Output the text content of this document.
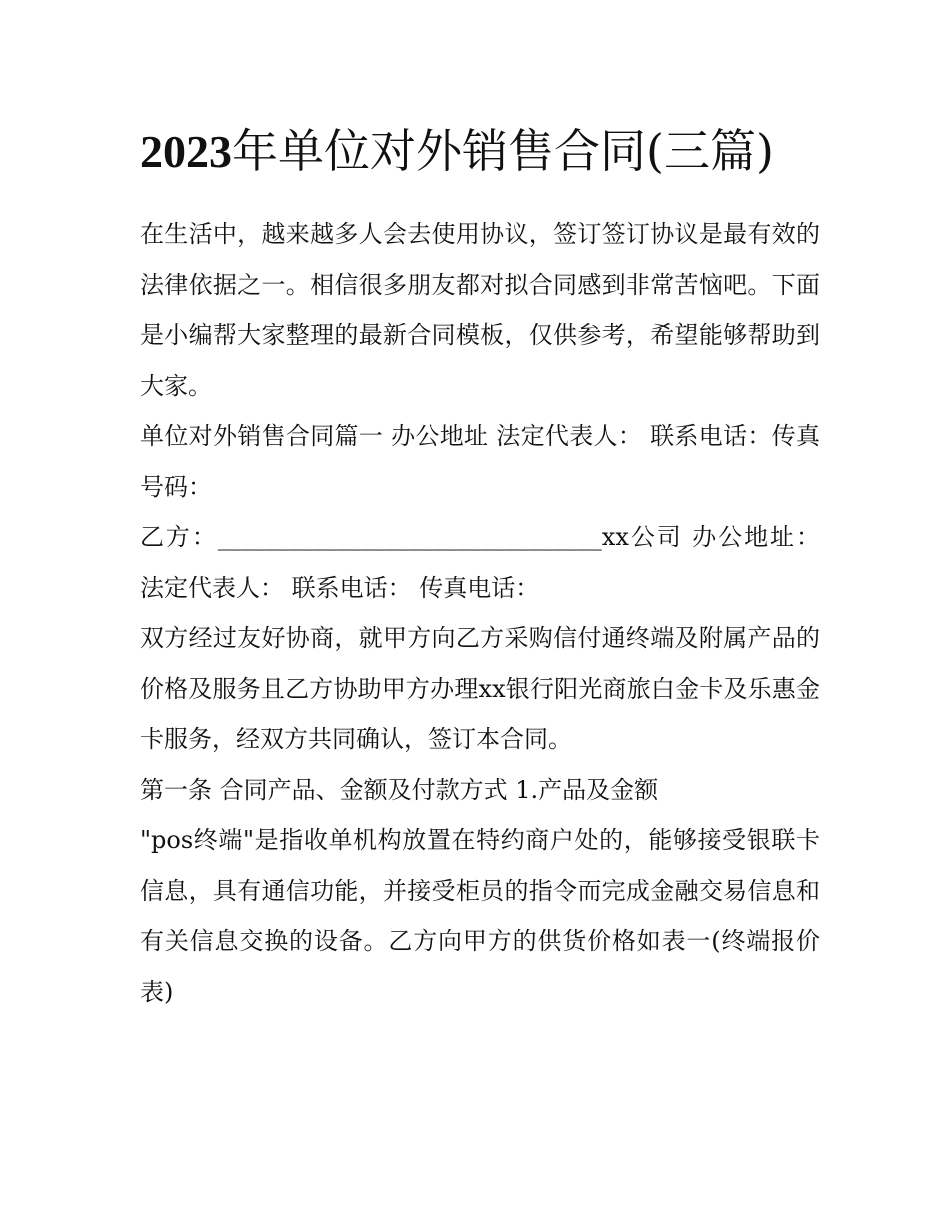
2023年单位对外销售合同(三篇)

在生活中，越来越多人会去使用协议，签订签订协议是最有效的法律依据之一。相信很多朋友都对拟合同感到非常苦恼吧。下面是小编帮大家整理的最新合同模板，仅供参考，希望能够帮助到大家。

单位对外销售合同篇一 办公地址 法定代表人： 联系电话：传真号码：

乙方：________________________________xx公司 办公地址：法定代表人： 联系电话： 传真电话：

双方经过友好协商，就甲方向乙方采购信付通终端及附属产品的价格及服务且乙方协助甲方办理xx银行阳光商旅白金卡及乐惠金卡服务，经双方共同确认，签订本合同。

第一条 合同产品、金额及付款方式 1.产品及金额

"pos终端"是指收单机构放置在特约商户处的，能够接受银联卡信息，具有通信功能，并接受柜员的指令而完成金融交易信息和有关信息交换的设备。乙方向甲方的供货价格如表一(终端报价表)
